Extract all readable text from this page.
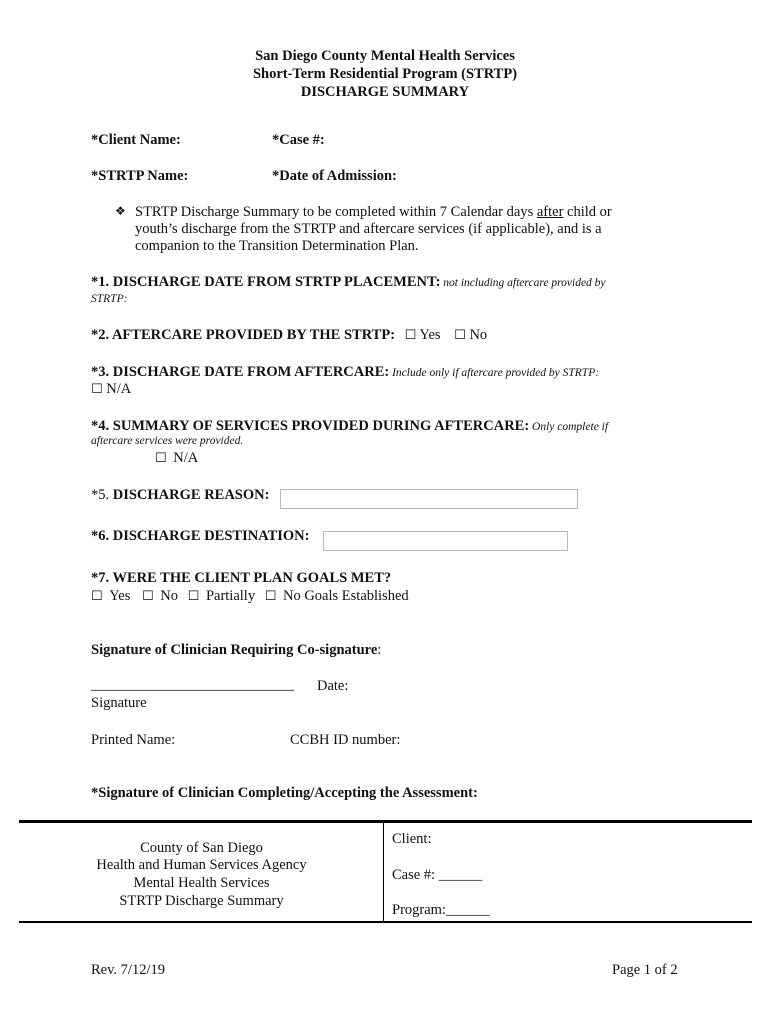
San Diego County Mental Health Services
Short-Term Residential Program (STRTP)
DISCHARGE SUMMARY
*Client Name:	*Case #:
*STRTP Name:	*Date of Admission:
❖ STRTP Discharge Summary to be completed within 7 Calendar days after child or
youth’s discharge from the STRTP and aftercare services (if applicable), and is a
companion to the Transition Determination Plan.
*1. DISCHARGE DATE FROM STRTP PLACEMENT: not including aftercare provided by
STRTP:
*2. AFTERCARE PROVIDED BY THE STRTP: ☐ Yes ☐ No
*3. DISCHARGE DATE FROM AFTERCARE: Include only if aftercare provided by STRTP:
☐ N/A
*4. SUMMARY OF SERVICES PROVIDED DURING AFTERCARE: Only complete if
aftercare services were provided.
☐ N/A
*5. DISCHARGE REASON:
*6. DISCHARGE DESTINATION:
*7. WERE THE CLIENT PLAN GOALS MET?
☐ Yes ☐ No ☐ Partially ☐ No Goals Established
Signature of Clinician Requiring Co-signature:
____________________________ Date:
Signature
Printed Name:	CCBH ID number:
*Signature of Clinician Completing/Accepting the Assessment:
County of San Diego
Health and Human Services Agency
Mental Health Services
STRTP Discharge Summary
Client:
Case #: ______
Program:______
Rev. 7/12/19	Page 1 of 2
